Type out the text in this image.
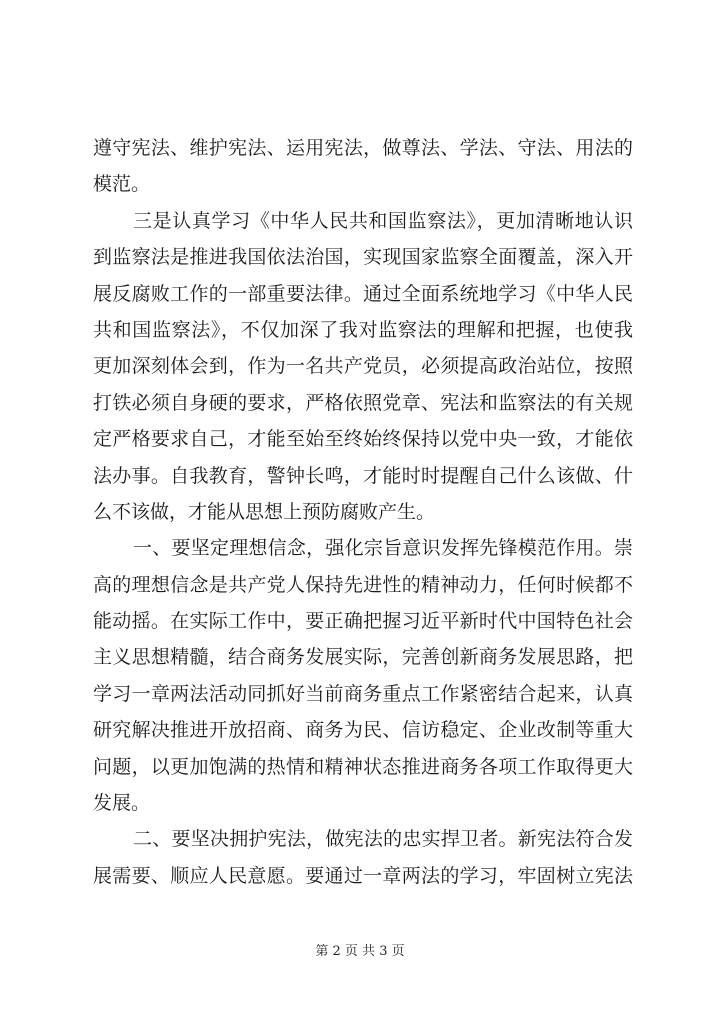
遵守宪法、维护宪法、运用宪法，做尊法、学法、守法、用法的
模范。
三是认真学习《中华人民共和国监察法》，更加清晰地认识
到监察法是推进我国依法治国，实现国家监察全面覆盖，深入开
展反腐败工作的一部重要法律。通过全面系统地学习《中华人民
共和国监察法》，不仅加深了我对监察法的理解和把握，也使我
更加深刻体会到，作为一名共产党员，必须提高政治站位，按照
打铁必须自身硬的要求，严格依照党章、宪法和监察法的有关规
定严格要求自己，才能至始至终始终保持以党中央一致，才能依
法办事。自我教育，警钟长鸣，才能时时提醒自己什么该做、什
么不该做，才能从思想上预防腐败产生。
一、要坚定理想信念，强化宗旨意识发挥先锋模范作用。崇
高的理想信念是共产党人保持先进性的精神动力，任何时候都不
能动摇。在实际工作中，要正确把握习近平新时代中国特色社会
主义思想精髓，结合商务发展实际，完善创新商务发展思路，把
学习一章两法活动同抓好当前商务重点工作紧密结合起来，认真
研究解决推进开放招商、商务为民、信访稳定、企业改制等重大
问题，以更加饱满的热情和精神状态推进商务各项工作取得更大
发展。
二、要坚决拥护宪法，做宪法的忠实捍卫者。新宪法符合发
展需要、顺应人民意愿。要通过一章两法的学习，牢固树立宪法
第 2 页 共 3 页
